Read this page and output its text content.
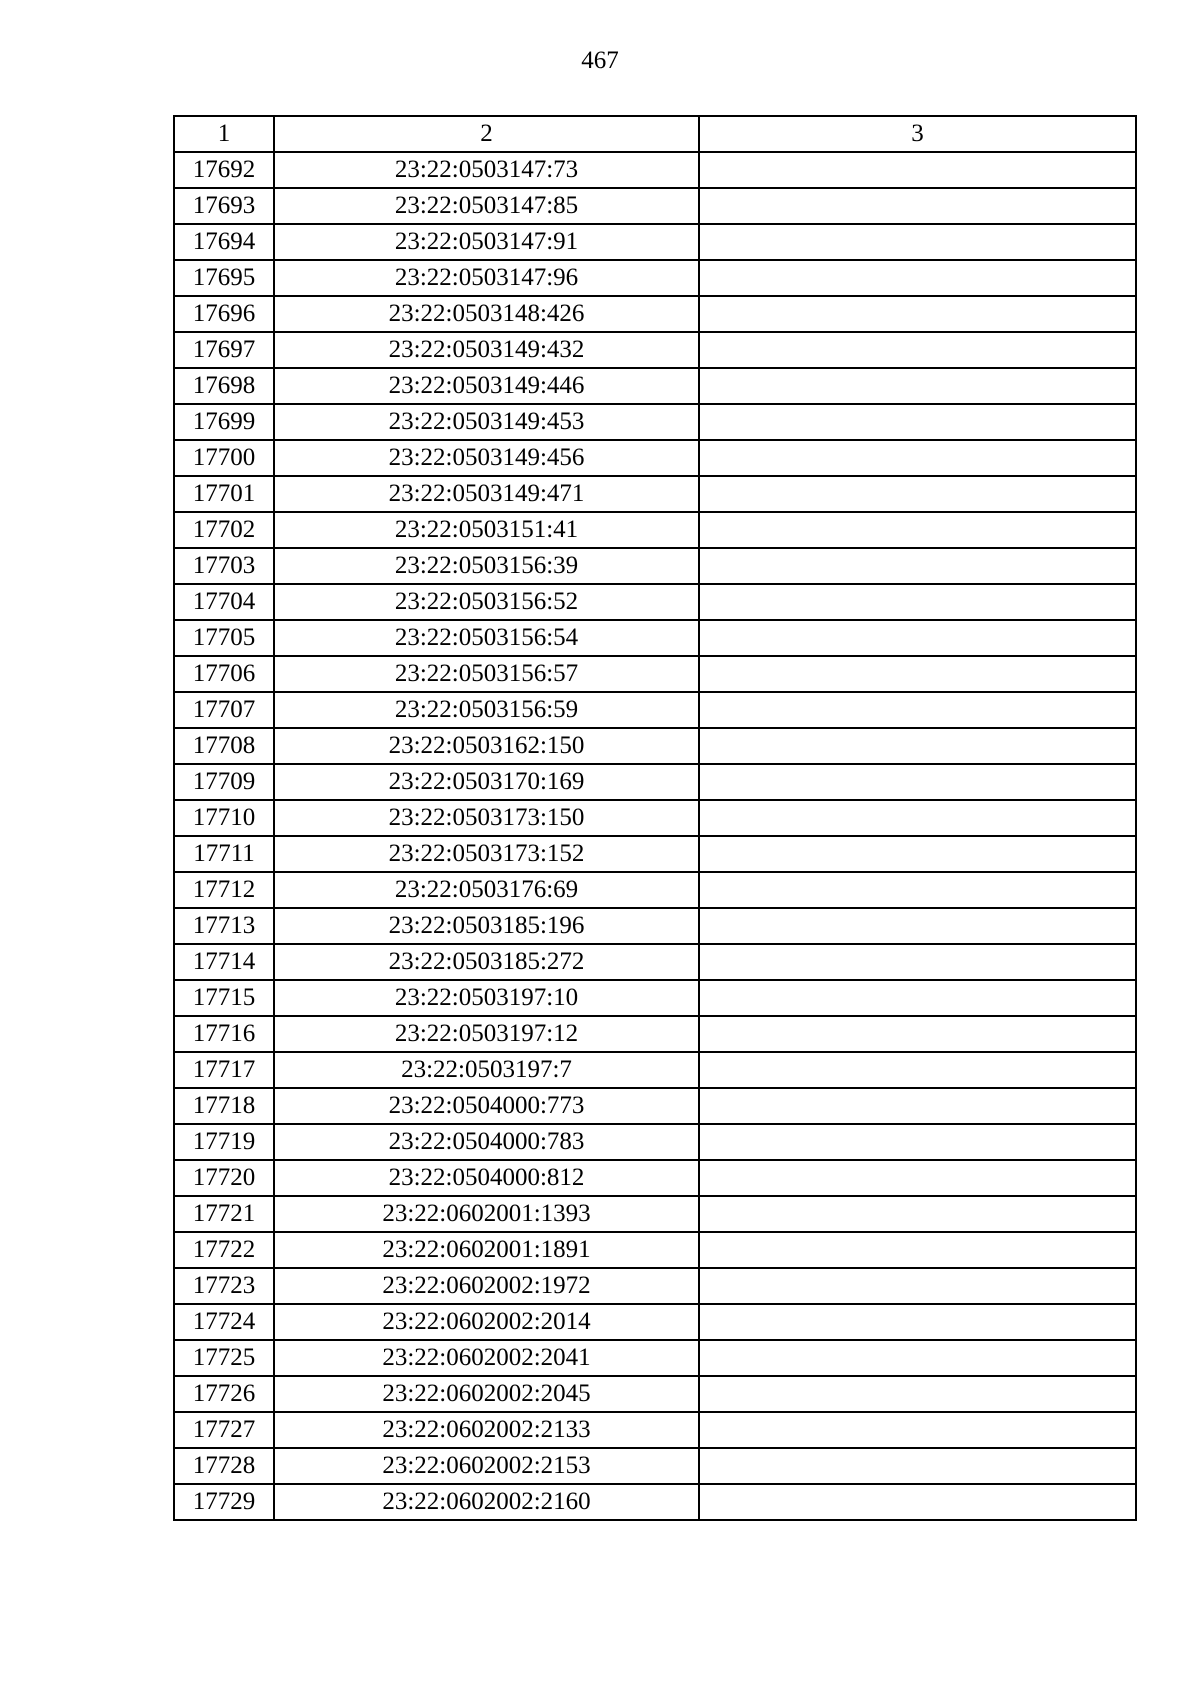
467
1	2	3
17692	23:22:0503147:73	
17693	23:22:0503147:85	
17694	23:22:0503147:91	
17695	23:22:0503147:96	
17696	23:22:0503148:426	
17697	23:22:0503149:432	
17698	23:22:0503149:446	
17699	23:22:0503149:453	
17700	23:22:0503149:456	
17701	23:22:0503149:471	
17702	23:22:0503151:41	
17703	23:22:0503156:39	
17704	23:22:0503156:52	
17705	23:22:0503156:54	
17706	23:22:0503156:57	
17707	23:22:0503156:59	
17708	23:22:0503162:150	
17709	23:22:0503170:169	
17710	23:22:0503173:150	
17711	23:22:0503173:152	
17712	23:22:0503176:69	
17713	23:22:0503185:196	
17714	23:22:0503185:272	
17715	23:22:0503197:10	
17716	23:22:0503197:12	
17717	23:22:0503197:7	
17718	23:22:0504000:773	
17719	23:22:0504000:783	
17720	23:22:0504000:812	
17721	23:22:0602001:1393	
17722	23:22:0602001:1891	
17723	23:22:0602002:1972	
17724	23:22:0602002:2014	
17725	23:22:0602002:2041	
17726	23:22:0602002:2045	
17727	23:22:0602002:2133	
17728	23:22:0602002:2153	
17729	23:22:0602002:2160	
